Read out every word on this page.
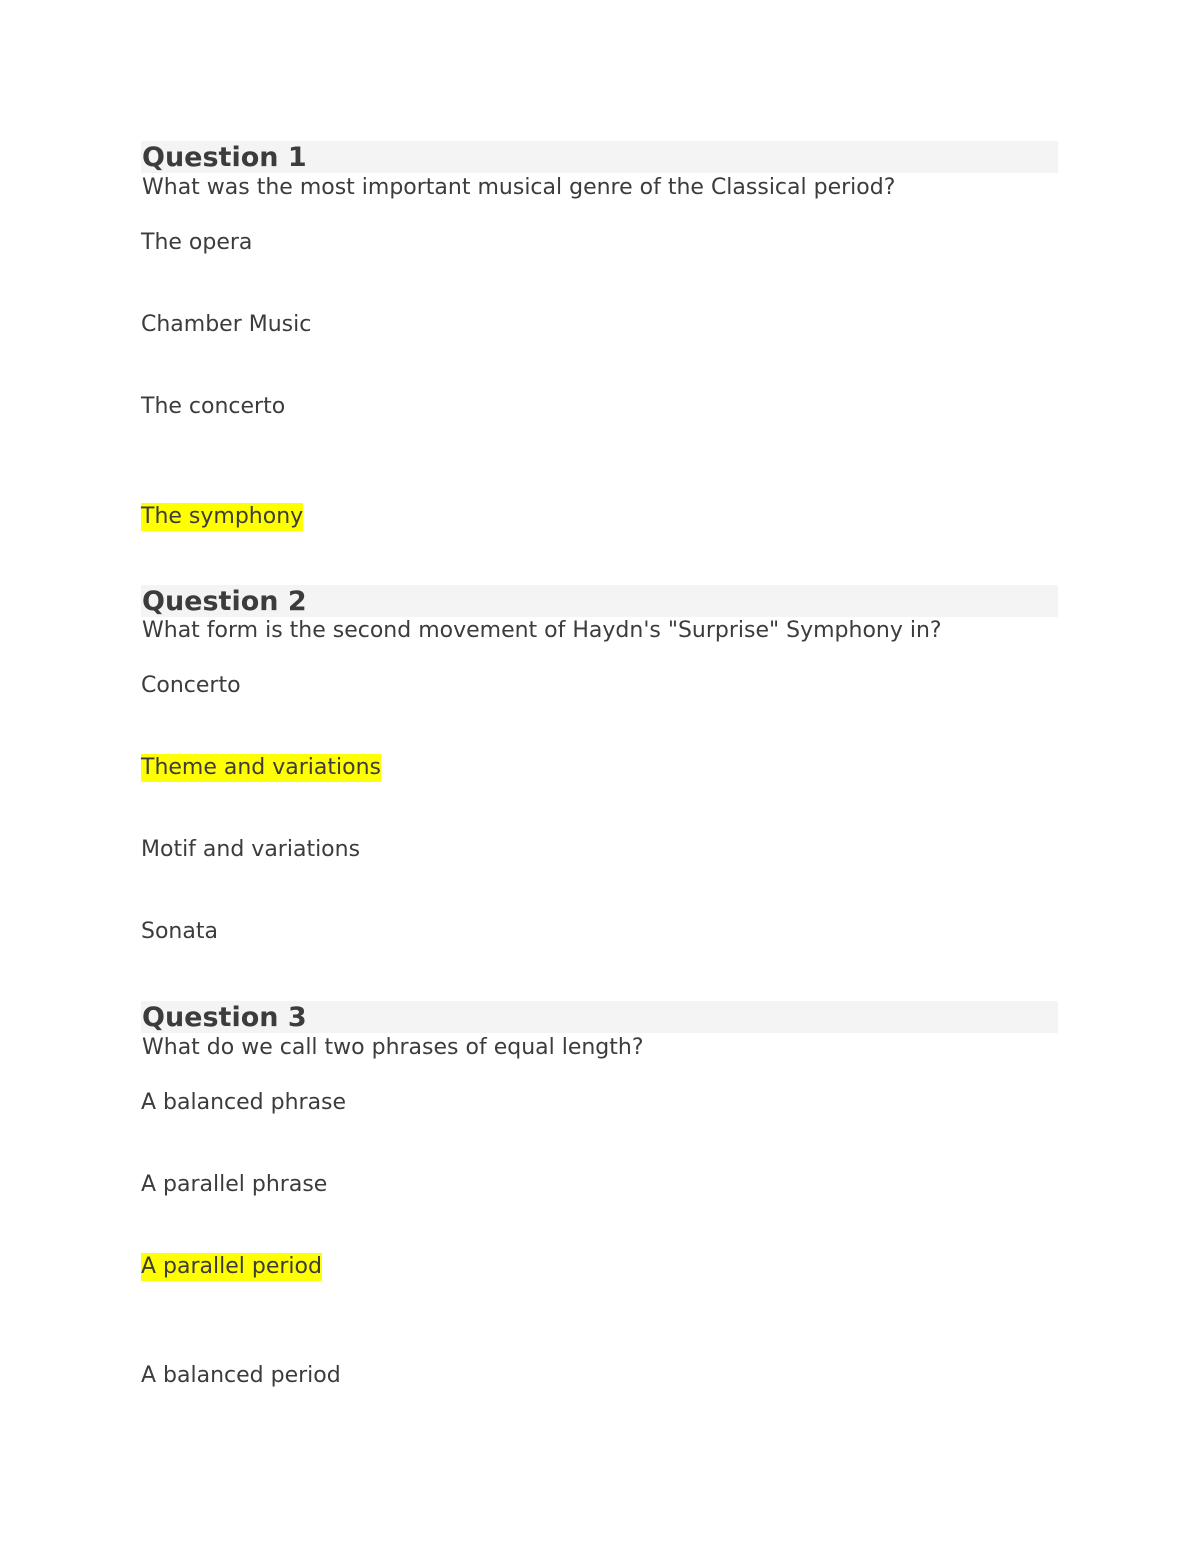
Question 1
What was the most important musical genre of the Classical period?
The opera
Chamber Music
The concerto
The symphony
Question 2
What form is the second movement of Haydn's "Surprise" Symphony in?
Concerto
Theme and variations
Motif and variations
Sonata
Question 3
What do we call two phrases of equal length?
A balanced phrase
A parallel phrase
A parallel period
A balanced period
